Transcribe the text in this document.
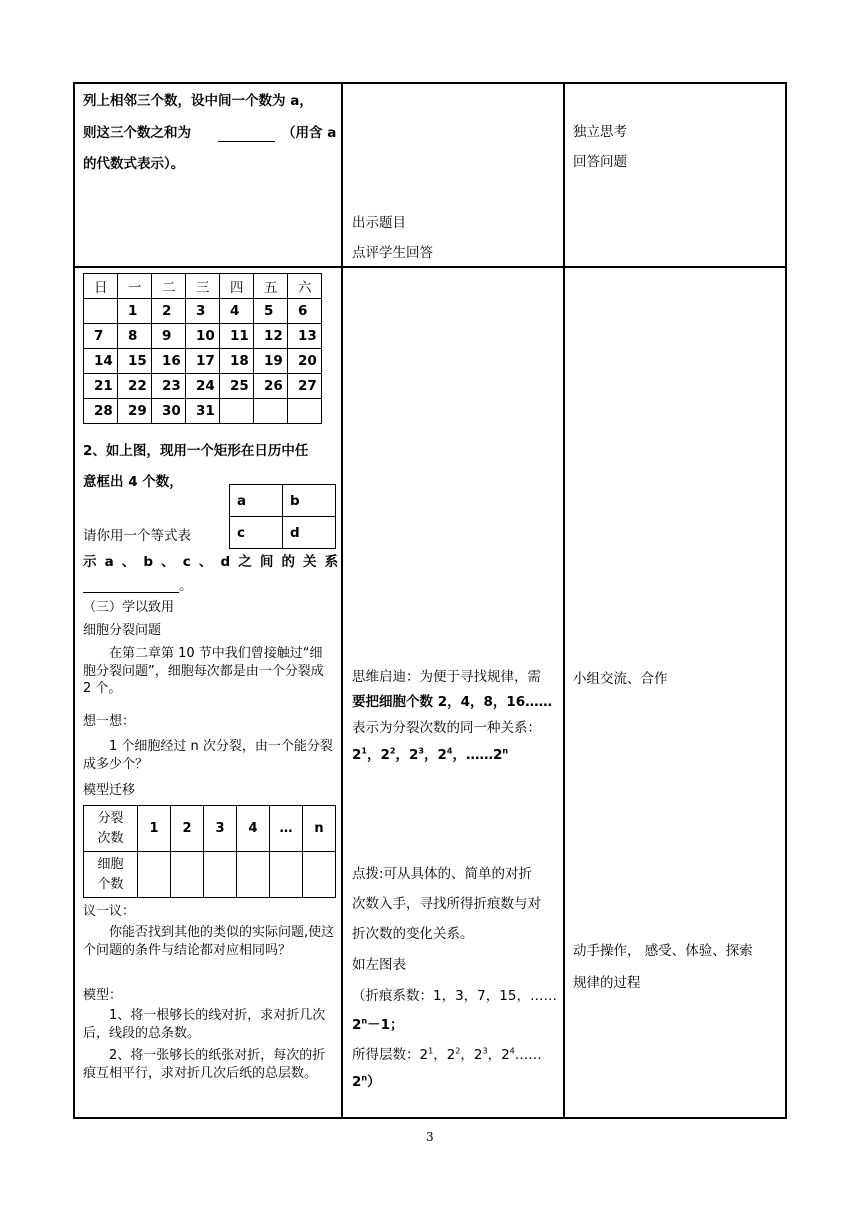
列上相邻三个数，设中间一个数为 a，
则这三个数之和为	（用含 a
的代数式表示）。
出示题目
点评学生回答
独立思考
回答问题
日	一	二	三	四	五	六
	1	2	3	4	5	6
7	8	9	10	11	12	13
14	15	16	17	18	19	20
21	22	23	24	25	26	27
28	29	30	31			
2、如上图，现用一个矩形在日历中任
意框出 4 个数，
a	b
c	d
请你用一个等式表
示 a 、 b 、 c 、 d 之 间 的 关 系
。
（三）学以致用
细胞分裂问题
在第二章第 10 节中我们曾接触过“细胞分裂问题”，细胞每次都是由一个分裂成 2 个。
想一想：
1 个细胞经过 n 次分裂，由一个能分裂成多少个？
模型迁移
分裂次数	1	2	3	4	…	n
细胞个数						
议一议：
你能否找到其他的类似的实际问题,使这个问题的条件与结论都对应相同吗？
模型：
1、将一根够长的线对折，求对折几次后，线段的总条数。
2、将一张够长的纸张对折，每次的折痕互相平行，求对折几次后纸的总层数。
思维启迪：为便于寻找规律，需
要把细胞个数 2，4，8，16……
表示为分裂次数的同一种关系：
$2^1$，$2^2$，$2^3$，$2^4$，……2$^n$
点拨:可从具体的、简单的对折
次数入手，寻找所得折痕数与对
折次数的变化关系。
如左图表
（折痕系数：1，3，7，15，……
$2^n-1$；
所得层数：$2^1$，$2^2$，$2^3$，$2^4\dots\dots$
2$^n$）
小组交流、合作
动手操作， 感受、体验、探索
规律的过程
3
